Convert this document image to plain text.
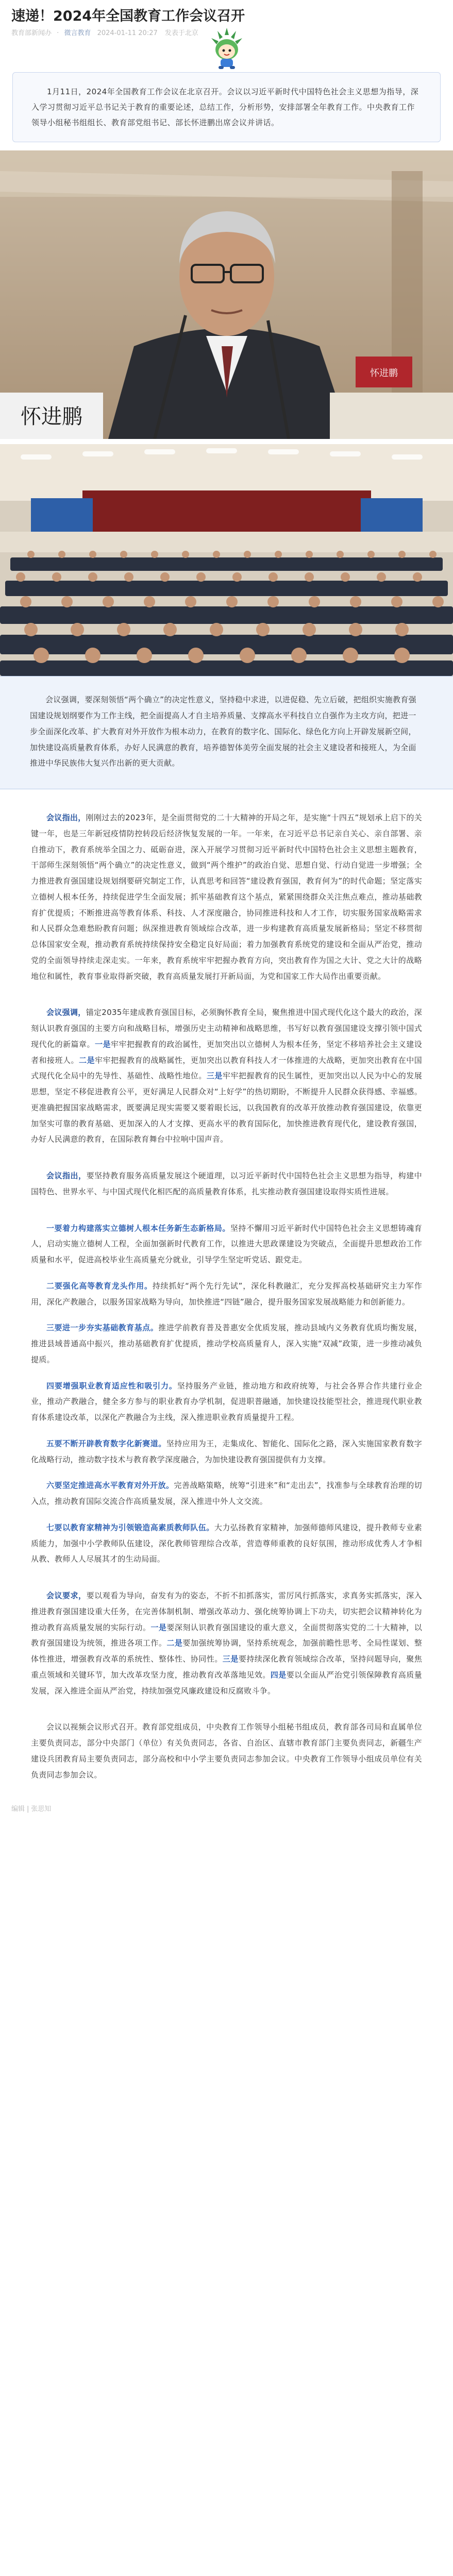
速递！2024年全国教育工作会议召开
教育部新闻办 · 微言教育 2024-01-11 20:27 发表于北京
1月11日，2024年全国教育工作会议在北京召开。会议以习近平新时代中国特色社会主义思想为指导，深入学习贯彻习近平总书记关于教育的重要论述，总结工作，分析形势，安排部署全年教育工作。中央教育工作领导小组秘书组组长、教育部党组书记、部长怀进鹏出席会议并讲话。
怀进鹏
怀进鹏
会议强调，要深刻领悟“两个确立”的决定性意义，坚持稳中求进，以进促稳、先立后破，把组织实施教育强国建设规划纲要作为工作主线，把全面提高人才自主培养质量、支撑高水平科技自立自强作为主攻方向，把进一步全面深化改革、扩大教育对外开放作为根本动力，在教育的数字化、国际化、绿色化方向上开辟发展新空间，加快建设高质量教育体系，办好人民满意的教育，培养德智体美劳全面发展的社会主义建设者和接班人，为全面推进中华民族伟大复兴作出新的更大贡献。

会议指出，刚刚过去的2023年，是全面贯彻党的二十大精神的开局之年，是实施“十四五”规划承上启下的关键一年，也是三年新冠疫情防控转段后经济恢复发展的一年。一年来，在习近平总书记亲自关心、亲自部署、亲自推动下，教育系统举全国之力、砥砺奋进，深入开展学习贯彻习近平新时代中国特色社会主义思想主题教育，干部师生深刻领悟“两个确立”的决定性意义，做到“两个维护”的政治自觉、思想自觉、行动自觉进一步增强；全力推进教育强国建设规划纲要研究制定工作，认真思考和回答“建设教育强国，教育何为”的时代命题；坚定落实立德树人根本任务，持续促进学生全面发展；抓牢基础教育这个基点，紧紧围绕群众关注焦点难点，推动基础教育扩优提质；不断推进高等教育体系、科技、人才深度融合，协同推进科技和人才工作，切实服务国家战略需求和人民群众急难愁盼教育问题；纵深推进教育领域综合改革，进一步构建教育高质量发展新格局；坚定不移贯彻总体国家安全观，推动教育系统持续保持安全稳定良好局面；着力加强教育系统党的建设和全面从严治党，推动党的全面领导持续走深走实。一年来，教育系统牢牢把握办教育方向，突出教育作为国之大计、党之大计的战略地位和属性，教育事业取得新突破，教育高质量发展打开新局面，为党和国家工作大局作出重要贡献。

会议强调，锚定2035年建成教育强国目标，必须胸怀教育全局，聚焦推进中国式现代化这个最大的政治，深刻认识教育强国的主要方向和战略目标，增强历史主动精神和战略思维，书写好以教育强国建设支撑引领中国式现代化的新篇章。一是牢牢把握教育的政治属性，更加突出以立德树人为根本任务，坚定不移培养社会主义建设者和接班人。二是牢牢把握教育的战略属性，更加突出以教育科技人才一体推进的大战略，更加突出教育在中国式现代化全局中的先导性、基础性、战略性地位。三是牢牢把握教育的民生属性，更加突出以人民为中心的发展思想，坚定不移促进教育公平，更好满足人民群众对“上好学”的热切期盼，不断提升人民群众获得感、幸福感。更准确把握国家战略需求，既要满足现实需要又要着眼长远，以我国教育的改革开放推动教育强国建设，依靠更加坚实可靠的教育基础、更加深入的人才支撑、更高水平的教育国际化，加快推进教育现代化，建设教育强国，办好人民满意的教育，在国际教育舞台中拉响中国声音。

会议指出，要坚持教育服务高质量发展这个硬道理，以习近平新时代中国特色社会主义思想为指导，构建中国特色、世界水平、与中国式现代化相匹配的高质量教育体系，扎实推动教育强国建设取得实质性进展。

一要着力构建落实立德树人根本任务新生态新格局。坚持不懈用习近平新时代中国特色社会主义思想铸魂育人，启动实施立德树人工程，全面加强新时代教育工作，以推进大思政课建设为突破点，全面提升思想政治工作质量和水平，促进高校毕业生高质量充分就业，引导学生坚定听党话、跟党走。

二要强化高等教育龙头作用。持续抓好“两个先行先试”，深化科教融汇，充分发挥高校基础研究主力军作用，深化产教融合，以服务国家战略为导向，加快推进“四链”融合，提升服务国家发展战略能力和创新能力。

三要进一步夯实基础教育基点。推进学前教育普及普惠安全优质发展，推动县域内义务教育优质均衡发展，推进县域普通高中振兴，推动基础教育扩优提质，推动学校高质量育人，深入实施“双减”政策，进一步推动减负提质。

四要增强职业教育适应性和吸引力。坚持服务产业链，推动地方和政府统筹，与社会各界合作共建行业企业，推动产教融合，健全多方参与的职业教育办学机制，促进职普融通，加快建设技能型社会，推进现代职业教育体系建设改革，以深化产教融合为主线，深入推进职业教育质量提升工程。

五要不断开辟教育数字化新赛道。坚持应用为王，走集成化、智能化、国际化之路，深入实施国家教育数字化战略行动，推动数字技术与教育教学深度融合，为加快建设教育强国提供有力支撑。

六要坚定推进高水平教育对外开放。完善战略策略，统筹“引进来”和“走出去”，找准参与全球教育治理的切入点，推动教育国际交流合作高质量发展，深入推进中外人文交流。

七要以教育家精神为引领锻造高素质教师队伍。大力弘扬教育家精神，加强师德师风建设，提升教师专业素质能力，加强中小学教师队伍建设，深化教师管理综合改革，营造尊师重教的良好氛围，推动形成优秀人才争相从教、教师人人尽展其才的生动局面。

会议要求，要以观看为导向，奋发有为的姿态，不折不扣抓落实，雷厉风行抓落实，求真务实抓落实，深入推进教育强国建设重大任务，在完善体制机制、增强改革动力、强化统筹协调上下功夫，切实把会议精神转化为推动教育高质量发展的实际行动。一是要深刻认识教育强国建设的重大意义，全面贯彻落实党的二十大精神，以教育强国建设为统领，推进各项工作。二是要加强统筹协调，坚持系统观念，加强前瞻性思考、全局性谋划、整体性推进，增强教育改革的系统性、整体性、协同性。三是要持续深化教育领域综合改革，坚持问题导向，聚焦重点领域和关键环节，加大改革攻坚力度，推动教育改革落地见效。四是要以全面从严治党引领保障教育高质量发展，深入推进全面从严治党，持续加强党风廉政建设和反腐败斗争。

会议以视频会议形式召开。教育部党组成员，中央教育工作领导小组秘书组成员，教育部各司局和直属单位主要负责同志，部分中央部门（单位）有关负责同志，各省、自治区、直辖市教育部门主要负责同志，新疆生产建设兵团教育局主要负责同志，部分高校和中小学主要负责同志参加会议。中央教育工作领导小组成员单位有关负责同志参加会议。

编辑 | 张思知
